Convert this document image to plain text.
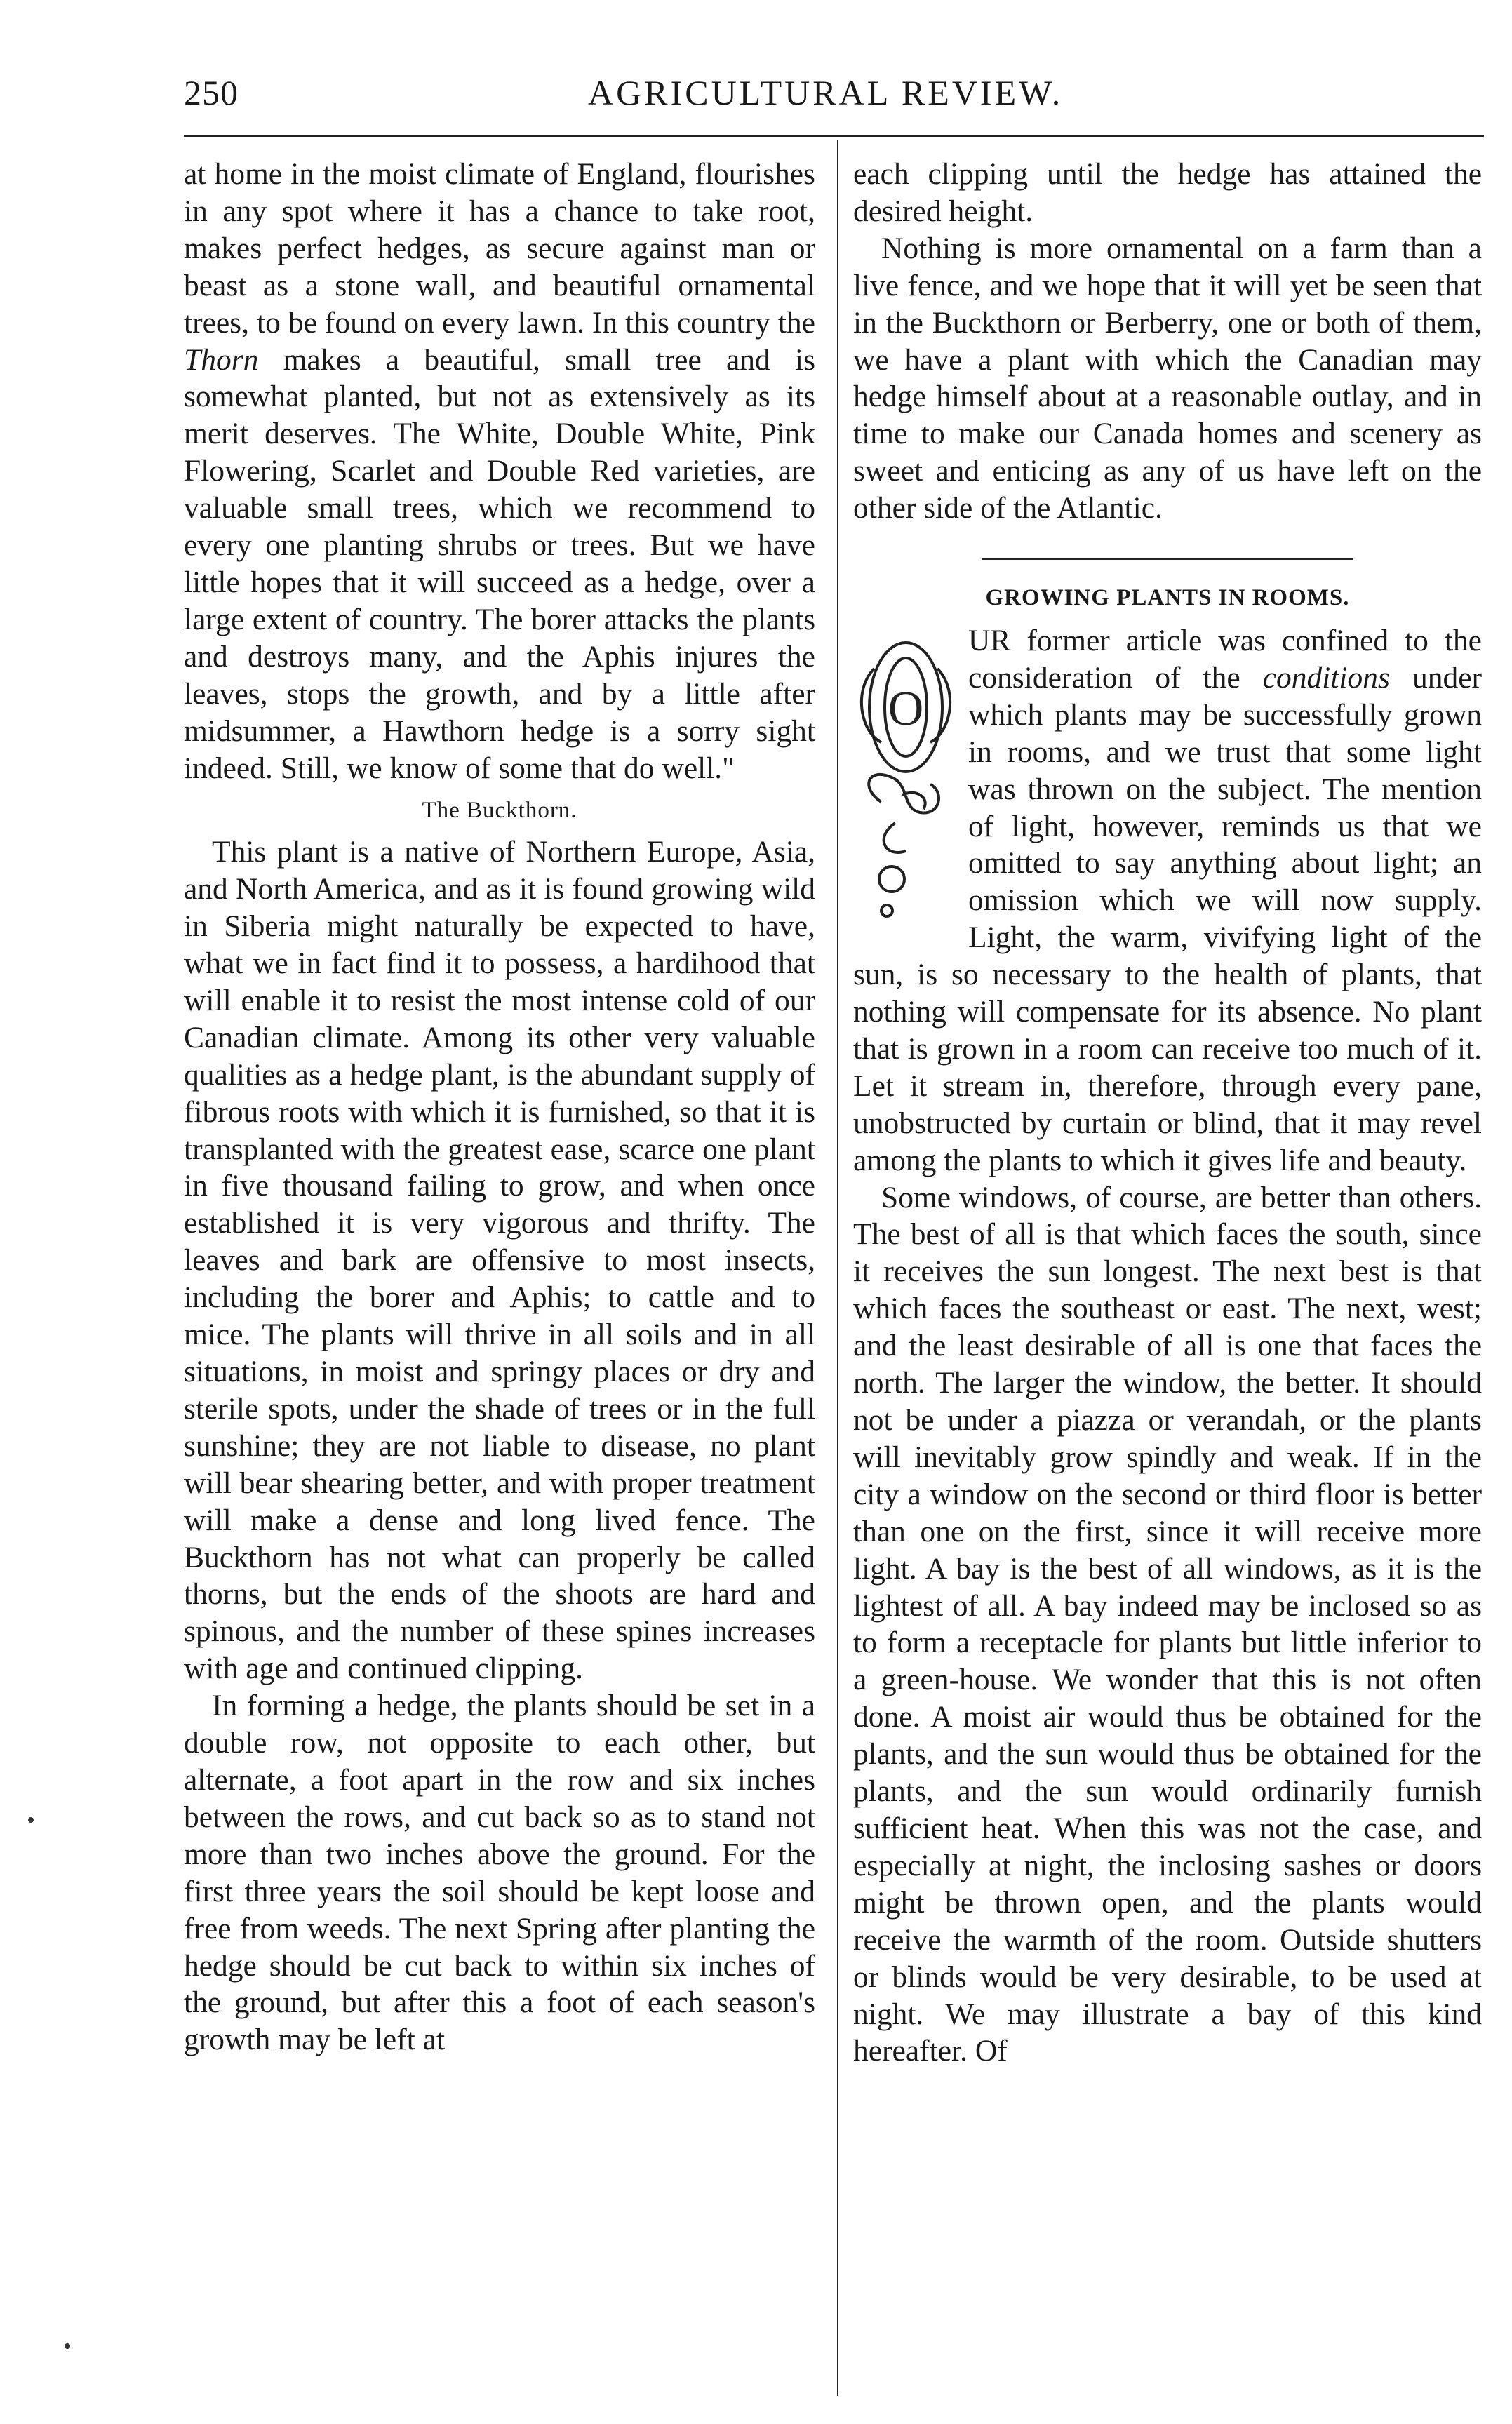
250	AGRICULTURAL REVIEW.

at home in the moist climate of England, flourishes in any spot where it has a chance to take root, makes perfect hedges, as secure against man or beast as a stone wall, and beautiful ornamental trees, to be found on every lawn. In this country the Thorn makes a beautiful, small tree and is somewhat planted, but not as extensively as its merit deserves. The White, Double White, Pink Flowering, Scarlet and Double Red varieties, are valuable small trees, which we recommend to every one planting shrubs or trees. But we have little hopes that it will succeed as a hedge, over a large extent of country. The borer attacks the plants and destroys many, and the Aphis injures the leaves, stops the growth, and by a little after midsummer, a Hawthorn hedge is a sorry sight indeed. Still, we know of some that do well."

The Buckthorn.

This plant is a native of Northern Europe, Asia, and North America, and as it is found growing wild in Siberia might naturally be expected to have, what we in fact find it to possess, a hardihood that will enable it to resist the most intense cold of our Canadian climate. Among its other very valuable qualities as a hedge plant, is the abundant supply of fibrous roots with which it is furnished, so that it is transplanted with the greatest ease, scarce one plant in five thousand failing to grow, and when once established it is very vigorous and thrifty. The leaves and bark are offensive to most insects, including the borer and Aphis; to cattle and to mice. The plants will thrive in all soils and in all situations, in moist and springy places or dry and sterile spots, under the shade of trees or in the full sunshine; they are not liable to disease, no plant will bear shearing better, and with proper treatment will make a dense and long lived fence. The Buckthorn has not what can properly be called thorns, but the ends of the shoots are hard and spinous, and the number of these spines increases with age and continued clipping.

In forming a hedge, the plants should be set in a double row, not opposite to each other, but alternate, a foot apart in the row and six inches between the rows, and cut back so as to stand not more than two inches above the ground. For the first three years the soil should be kept loose and free from weeds. The next Spring after planting the hedge should be cut back to within six inches of the ground, but after this a foot of each season's growth may be left at

each clipping until the hedge has attained the desired height.

Nothing is more ornamental on a farm than a live fence, and we hope that it will yet be seen that in the Buckthorn or Berberry, one or both of them, we have a plant with which the Canadian may hedge himself about at a reasonable outlay, and in time to make our Canada homes and scenery as sweet and enticing as any of us have left on the other side of the Atlantic.

GROWING PLANTS IN ROOMS.

O
UR former article was confined to the consideration of the conditions under which plants may be successfully grown in rooms, and we trust that some light was thrown on the subject. The mention of light, however, reminds us that we omitted to say anything about light; an omission which we will now supply. Light, the warm, vivifying light of the sun, is so necessary to the health of plants, that nothing will compensate for its absence. No plant that is grown in a room can receive too much of it. Let it stream in, therefore, through every pane, unobstructed by curtain or blind, that it may revel among the plants to which it gives life and beauty.

Some windows, of course, are better than others. The best of all is that which faces the south, since it receives the sun longest. The next best is that which faces the southeast or east. The next, west; and the least desirable of all is one that faces the north. The larger the window, the better. It should not be under a piazza or verandah, or the plants will inevitably grow spindly and weak. If in the city a window on the second or third floor is better than one on the first, since it will receive more light. A bay is the best of all windows, as it is the lightest of all. A bay indeed may be inclosed so as to form a receptacle for plants but little inferior to a green-house. We wonder that this is not often done. A moist air would thus be obtained for the plants, and the sun would thus be obtained for the plants, and the sun would ordinarily furnish sufficient heat. When this was not the case, and especially at night, the inclosing sashes or doors might be thrown open, and the plants would receive the warmth of the room. Outside shutters or blinds would be very desirable, to be used at night. We may illustrate a bay of this kind hereafter. Of
